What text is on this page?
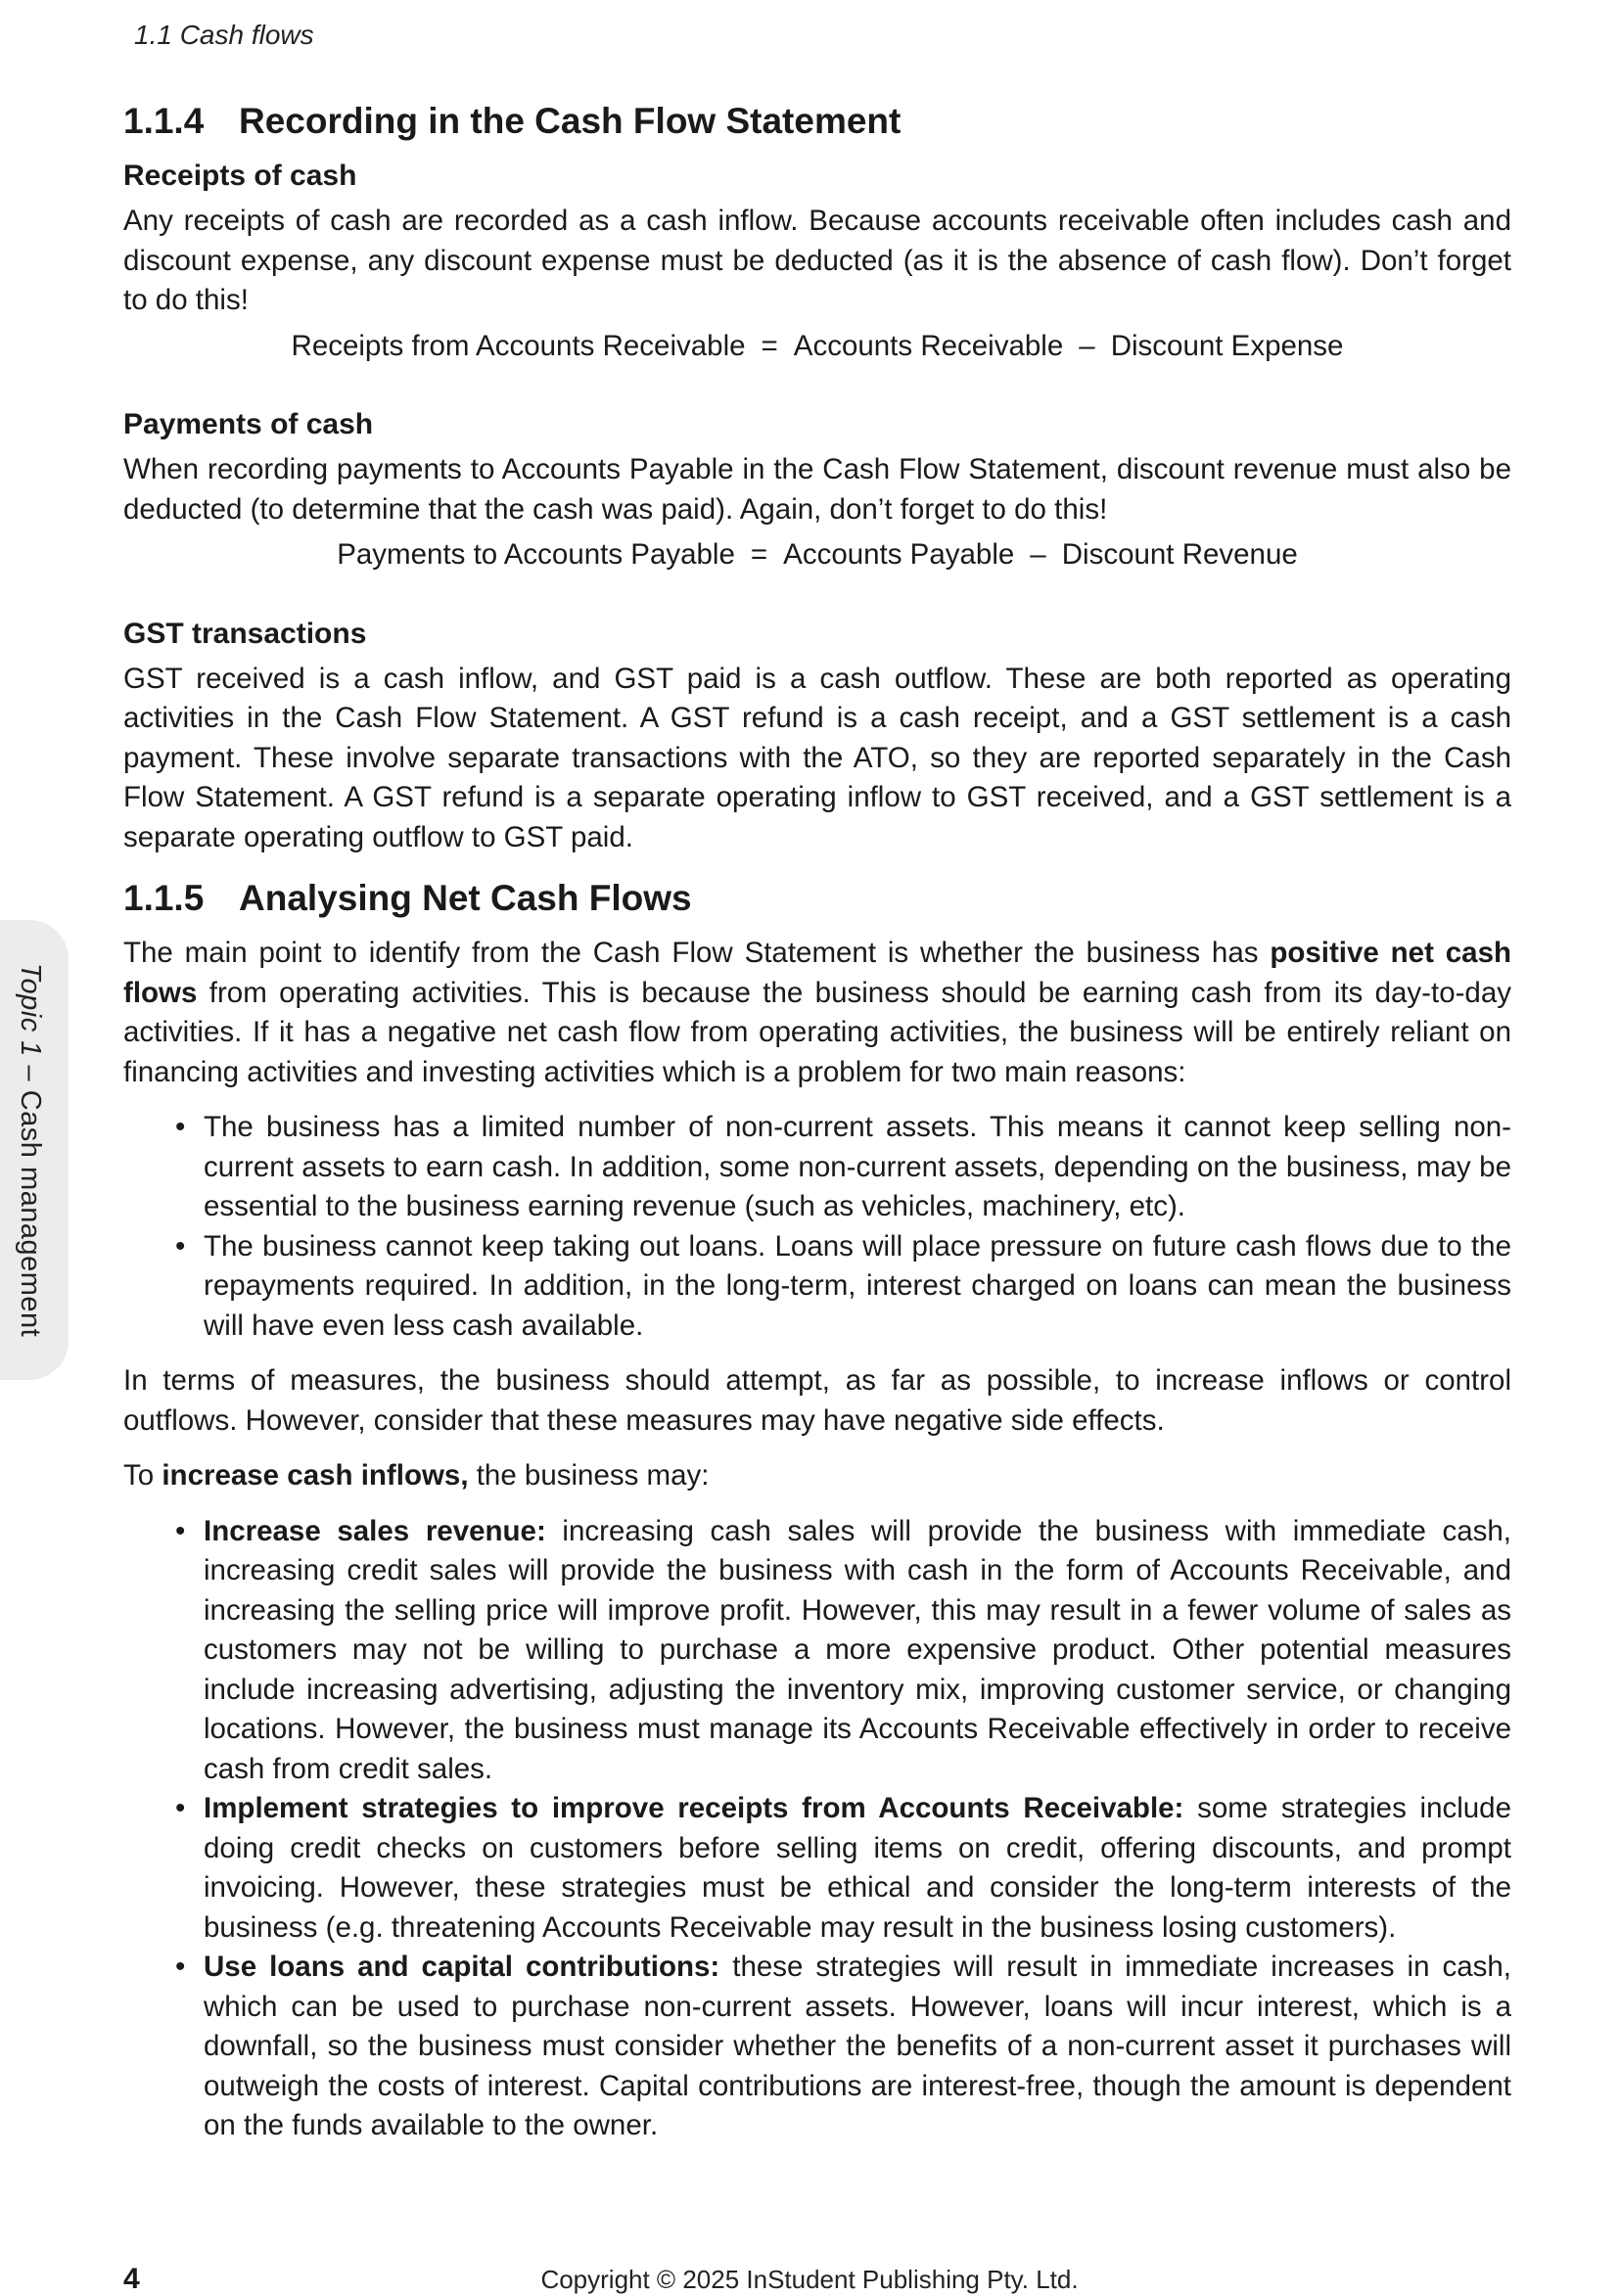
1.1 Cash flows
Topic 1 – Cash management
1.1.4 Recording in the Cash Flow Statement
Receipts of cash

Any receipts of cash are recorded as a cash inflow. Because accounts receivable often includes cash and discount expense, any discount expense must be deducted (as it is the absence of cash flow). Don’t forget to do this!

Receipts from Accounts Receivable = Accounts Receivable – Discount Expense
Payments of cash

When recording payments to Accounts Payable in the Cash Flow Statement, discount revenue must also be deducted (to determine that the cash was paid). Again, don’t forget to do this!

Payments to Accounts Payable = Accounts Payable – Discount Revenue
GST transactions

GST received is a cash inflow, and GST paid is a cash outflow. These are both reported as operating activities in the Cash Flow Statement. A GST refund is a cash receipt, and a GST settlement is a cash payment. These involve separate transactions with the ATO, so they are reported separately in the Cash Flow Statement. A GST refund is a separate operating inflow to GST received, and a GST settlement is a separate operating outflow to GST paid.

1.1.5 Analysing Net Cash Flows

The main point to identify from the Cash Flow Statement is whether the business has positive net cash flows from operating activities. This is because the business should be earning cash from its day-to-day activities. If it has a negative net cash flow from operating activities, the business will be entirely reliant on financing activities and investing activities which is a problem for two main reasons:

• The business has a limited number of non-current assets. This means it cannot keep selling non-current assets to earn cash. In addition, some non-current assets, depending on the business, may be essential to the business earning revenue (such as vehicles, machinery, etc).
• The business cannot keep taking out loans. Loans will place pressure on future cash flows due to the repayments required. In addition, in the long-term, interest charged on loans can mean the business will have even less cash available.

In terms of measures, the business should attempt, as far as possible, to increase inflows or control outflows. However, consider that these measures may have negative side effects.

To increase cash inflows, the business may:

• Increase sales revenue: increasing cash sales will provide the business with immediate cash, increasing credit sales will provide the business with cash in the form of Accounts Receivable, and increasing the selling price will improve profit. However, this may result in a fewer volume of sales as customers may not be willing to purchase a more expensive product. Other potential measures include increasing advertising, adjusting the inventory mix, improving customer service, or changing locations. However, the business must manage its Accounts Receivable effectively in order to receive cash from credit sales.
• Implement strategies to improve receipts from Accounts Receivable: some strategies include doing credit checks on customers before selling items on credit, offering discounts, and prompt invoicing. However, these strategies must be ethical and consider the long-term interests of the business (e.g. threatening Accounts Receivable may result in the business losing customers).
• Use loans and capital contributions: these strategies will result in immediate increases in cash, which can be used to purchase non-current assets. However, loans will incur interest, which is a downfall, so the business must consider whether the benefits of a non-current asset it purchases will outweigh the costs of interest. Capital contributions are interest-free, though the amount is dependent on the funds available to the owner.
4	Copyright © 2025 InStudent Publishing Pty. Ltd.
